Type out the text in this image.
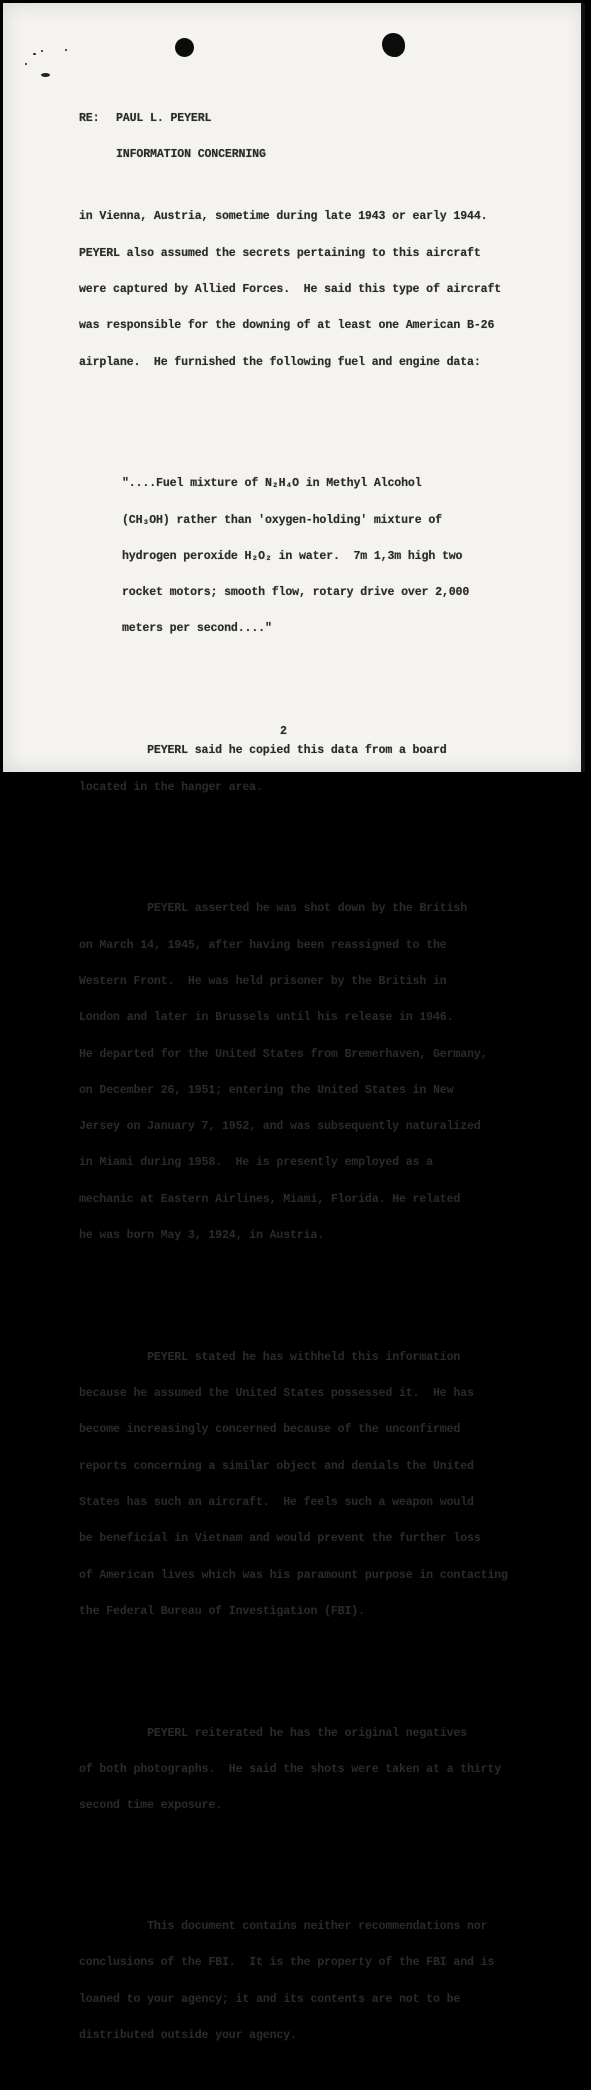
RE:	PAUL L. PEYERL

INFORMATION CONCERNING

in Vienna, Austria, sometime during late 1943 or early 1944.

PEYERL also assumed the secrets pertaining to this aircraft

were captured by Allied Forces.  He said this type of aircraft

was responsible for the downing of at least one American B-26

airplane.  He furnished the following fuel and engine data:

"....Fuel mixture of N₂H₄O in Methyl Alcohol

(CH₃OH) rather than 'oxygen-holding' mixture of

hydrogen peroxide H₂O₂ in water.  7m 1,3m high two

rocket motors; smooth flow, rotary drive over 2,000

meters per second...."

PEYERL said he copied this data from a board

located in the hanger area.

PEYERL asserted he was shot down by the British

on March 14, 1945, after having been reassigned to the

Western Front.  He was held prisoner by the British in

London and later in Brussels until his release in 1946.

He departed for the United States from Bremerhaven, Germany,

on December 26, 1951; entering the United States in New

Jersey on January 7, 1952, and was subsequently naturalized

in Miami during 1958.  He is presently employed as a

mechanic at Eastern Airlines, Miami, Florida. He related

he was born May 3, 1924, in Austria.

PEYERL stated he has withheld this information

because he assumed the United States possessed it.  He has

become increasingly concerned because of the unconfirmed

reports concerning a similar object and denials the United

States has such an aircraft.  He feels such a weapon would

be beneficial in Vietnam and would prevent the further loss

of American lives which was his paramount purpose in contacting

the Federal Bureau of Investigation (FBI).

PEYERL reiterated he has the original negatives

of both photographs.  He said the shots were taken at a thirty

second time exposure.

This document contains neither recommendations nor

conclusions of the FBI.  It is the property of the FBI and is

loaned to your agency; it and its contents are not to be

distributed outside your agency.

2
